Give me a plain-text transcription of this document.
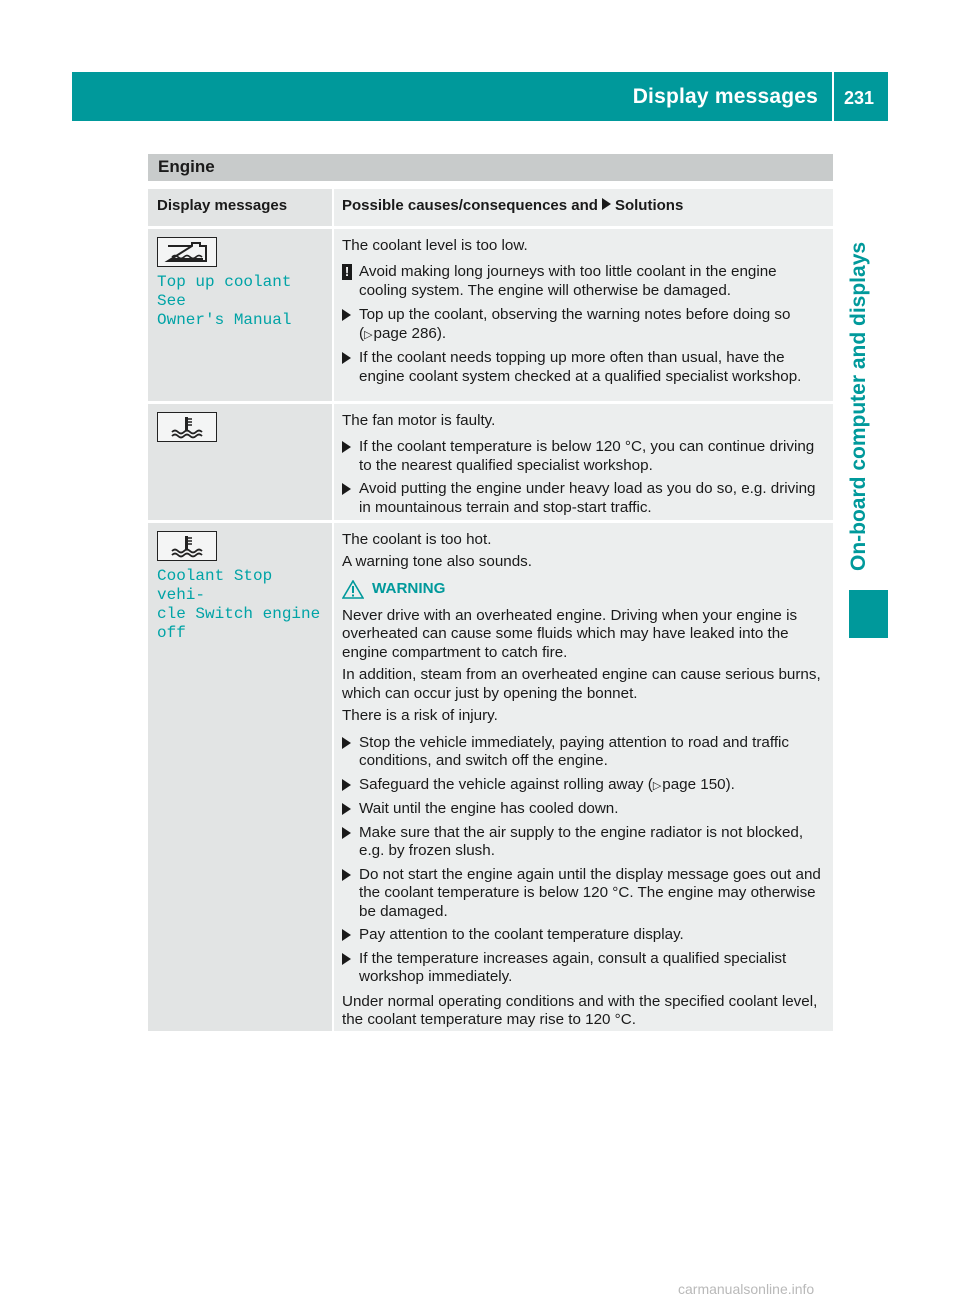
Display messages 231
On-board computer and displays
Engine
Display messages	Possible causes/consequences and Solutions
Top up coolant See
Owner's Manual

The coolant level is too low.

! Avoid making long journeys with too little coolant in the engine cooling system. The engine will otherwise be damaged.
Top up the coolant, observing the warning notes before doing so
(▷page 286).
If the coolant needs topping up more often than usual, have the engine coolant system checked at a qualified specialist workshop.

The fan motor is faulty.

If the coolant temperature is below 120 °C, you can continue driving to the nearest qualified specialist workshop.
Avoid putting the engine under heavy load as you do so, e.g. driving in mountainous terrain and stop-start traffic.
Coolant Stop vehi‐
cle Switch engine
off

The coolant is too hot.

A warning tone also sounds.

WARNING

Never drive with an overheated engine. Driving when your engine is overheated can cause some fluids which may have leaked into the engine compartment to catch fire.

In addition, steam from an overheated engine can cause serious burns, which can occur just by opening the bonnet.

There is a risk of injury.

Stop the vehicle immediately, paying attention to road and traffic conditions, and switch off the engine.
Safeguard the vehicle against rolling away (▷page 150).
Wait until the engine has cooled down.
Make sure that the air supply to the engine radiator is not blocked, e.g. by frozen slush.
Do not start the engine again until the display message goes out and the coolant temperature is below 120 °C. The engine may otherwise be damaged.
Pay attention to the coolant temperature display.
If the temperature increases again, consult a qualified specialist workshop immediately.

Under normal operating conditions and with the specified coolant level, the coolant temperature may rise to 120 °C.

carmanualsonline.info
